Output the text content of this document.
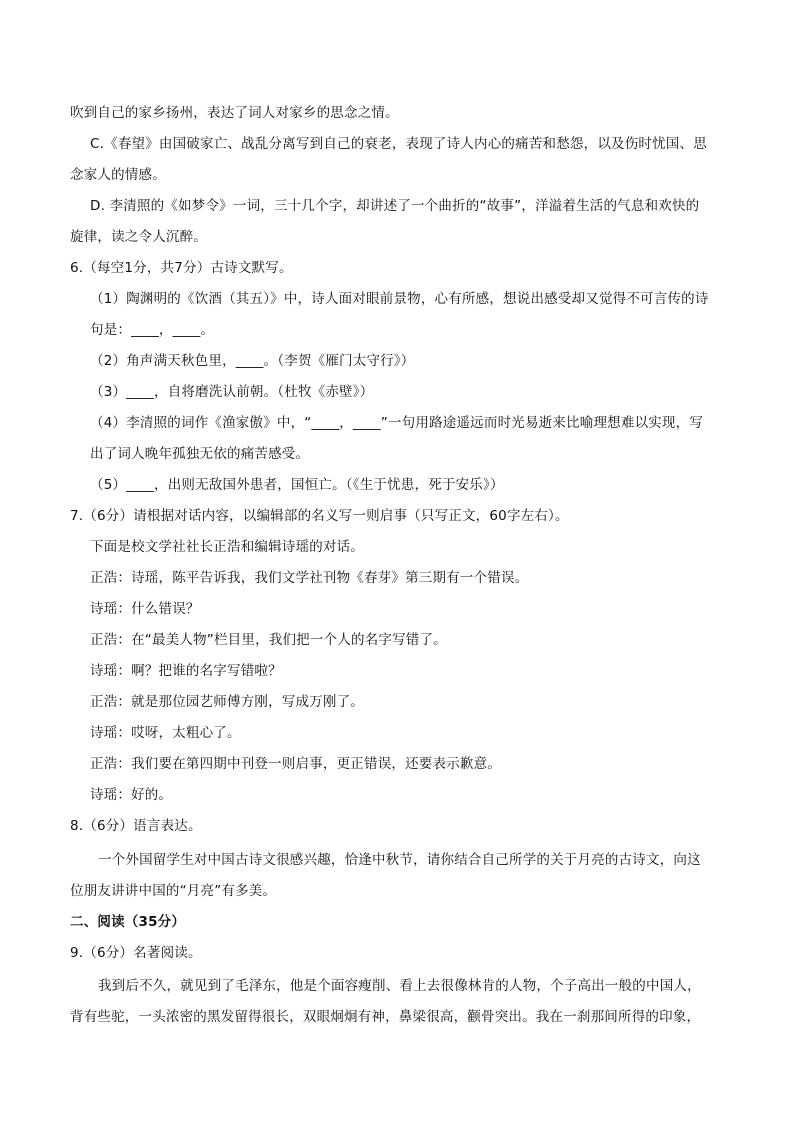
吹到自己的家乡扬州，表达了词人对家乡的思念之情。
C.《春望》由国破家亡、战乱分离写到自己的衰老，表现了诗人内心的痛苦和愁怨，以及伤时忧国、思
念家人的情感。
D. 李清照的《如梦令》一词，三十几个字，却讲述了一个曲折的“故事”，洋溢着生活的气息和欢快的
旋律，读之令人沉醉。
6.（每空1分，共7分）古诗文默写。
（1）陶渊明的《饮酒（其五）》中，诗人面对眼前景物，心有所感，想说出感受却又觉得不可言传的诗
句是：____，____。
（2）角声满天秋色里，____。（李贺《雁门太守行》）
（3）____，自将磨洗认前朝。（杜牧《赤壁》）
（4）李清照的词作《渔家傲》中，“____，____”一句用路途遥远而时光易逝来比喻理想难以实现，写
出了词人晚年孤独无依的痛苦感受。
（5）____，出则无敌国外患者，国恒亡。（《生于忧患，死于安乐》）
7.（6分）请根据对话内容，以编辑部的名义写一则启事（只写正文，60字左右）。
下面是校文学社社长正浩和编辑诗瑶的对话。
正浩：诗瑶，陈平告诉我，我们文学社刊物《春芽》第三期有一个错误。
诗瑶：什么错误？
正浩：在“最美人物”栏目里，我们把一个人的名字写错了。
诗瑶：啊？把谁的名字写错啦？
正浩：就是那位园艺师傅方刚，写成万刚了。
诗瑶：哎呀，太粗心了。
正浩：我们要在第四期中刊登一则启事，更正错误，还要表示歉意。
诗瑶：好的。
8.（6分）语言表达。
一个外国留学生对中国古诗文很感兴趣，恰逢中秋节，请你结合自己所学的关于月亮的古诗文，向这
位朋友讲讲中国的“月亮”有多美。
二、阅读（35分）
9.（6分）名著阅读。
我到后不久，就见到了毛泽东，他是个面容瘦削、看上去很像林肯的人物，个子高出一般的中国人，
背有些驼，一头浓密的黑发留得很长，双眼炯炯有神，鼻梁很高，颧骨突出。我在一刹那间所得的印象，
